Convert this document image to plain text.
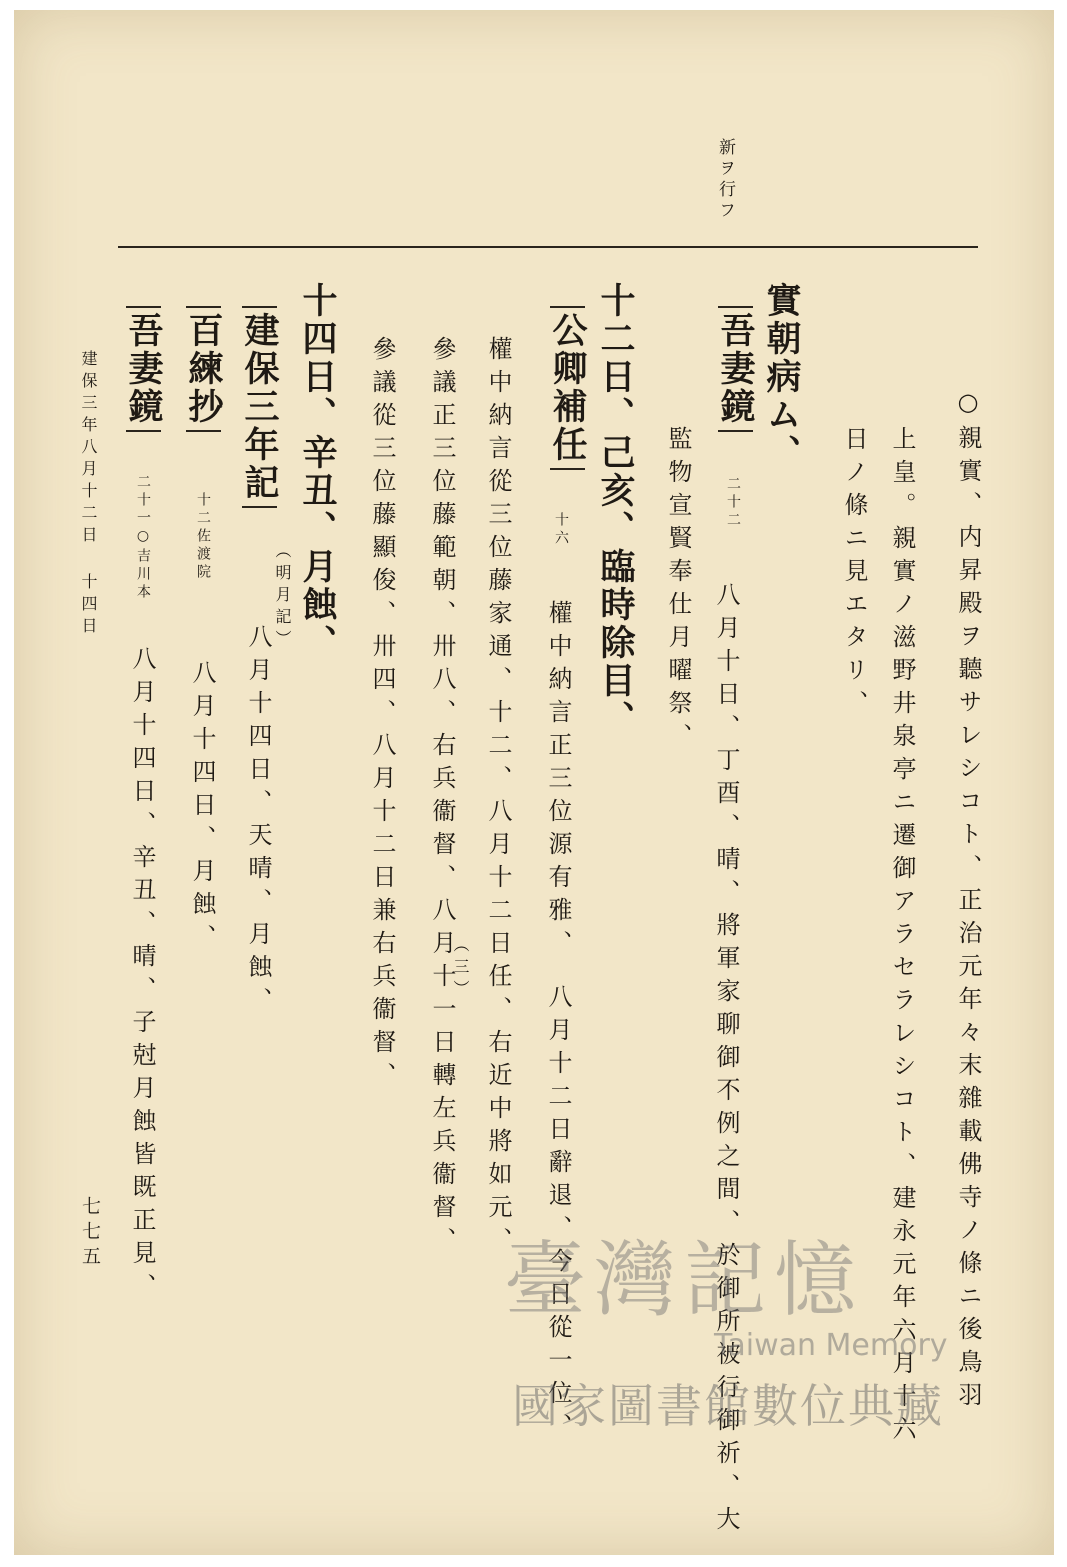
新ヲ行フ
○親實、内昇殿ヲ聽サレシコト、正治元年々末雜載佛寺ノ條ニ後鳥羽
上皇。親實ノ滋野井泉亭ニ遷御アラセラレシコト、建永元年六月十六
日ノ條ニ見エタリ、
實朝病ム、
吾妻鏡
二十二
八月十日、丁酉、晴、將軍家聊御不例之間、於御所被行御祈、大
監物宣賢奉仕月曜祭、
十二日、己亥、臨時除目、
公卿補任
十六
權中納言正三位源有雅、　八月十二日辭退、今日從一位、
權中納言從三位藤家通、十二、八月十二日任、右近中將如元、
參議正三位藤範朝、卅八、右兵衞督、八月十一日轉左兵衞督、
（三）
參議從三位藤顯俊、卅四、八月十二日兼右兵衞督、
十四日、辛丑、月蝕、
建保三年記
（明月記）
八月十四日、天晴、月蝕、
百練抄
十二佐渡院
八月十四日、月蝕、
吾妻鏡
二十一○吉川本
八月十四日、辛丑、晴、子尅月蝕皆既正見、
建保三年八月十二日 十四日
七七五	臺灣記憶
Taiwan Memory
國家圖書館數位典藏
